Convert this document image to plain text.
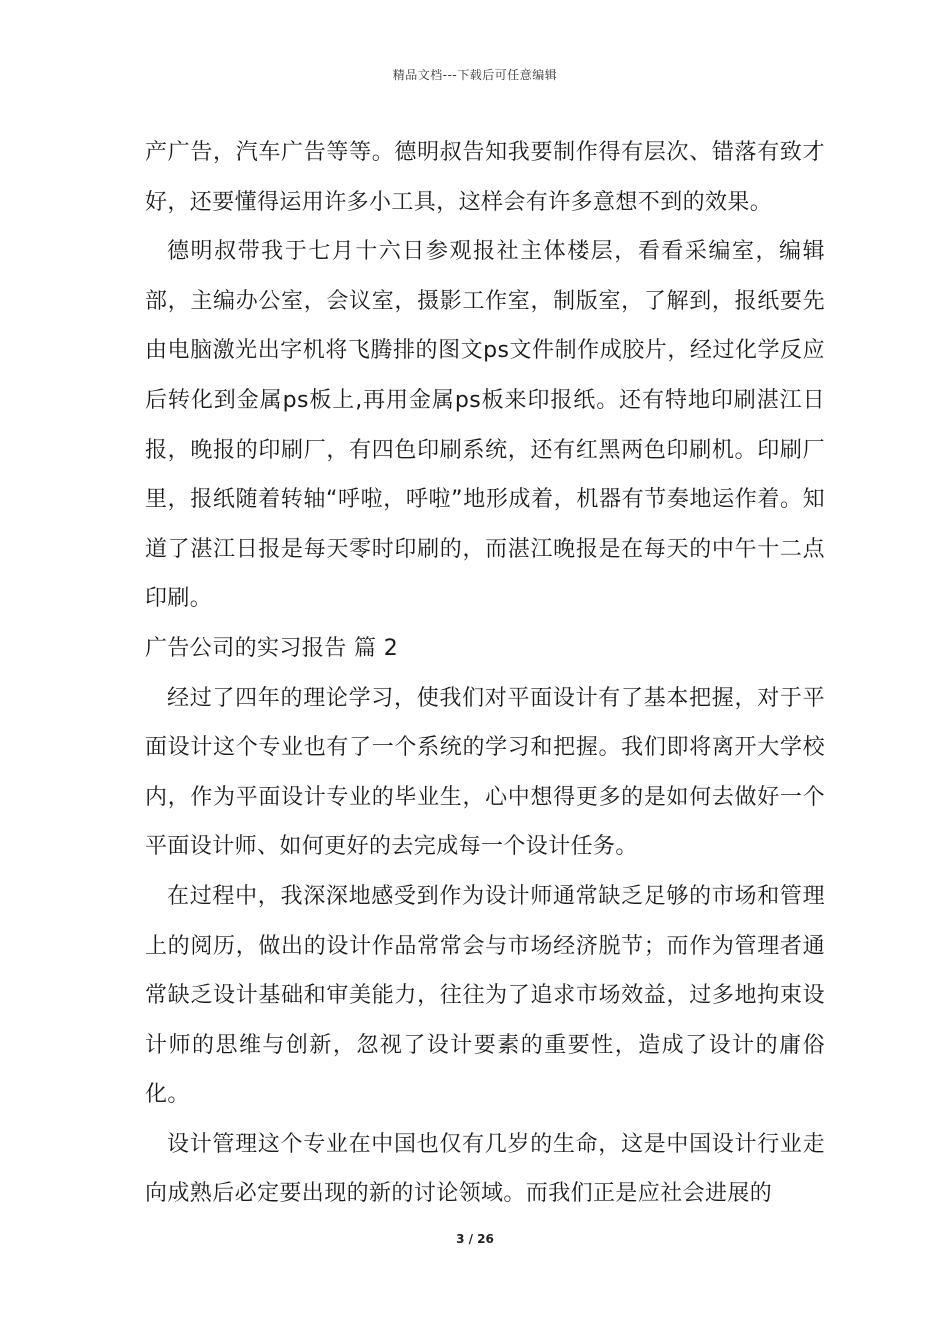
精品文档---下载后可任意编辑

产广告，汽车广告等等。德明叔告知我要制作得有层次、错落有致才好，还要懂得运用许多小工具，这样会有许多意想不到的效果。

德明叔带我于七月十六日参观报社主体楼层，看看采编室，编辑部，主编办公室，会议室，摄影工作室，制版室，了解到，报纸要先由电脑激光出字机将飞腾排的图文ps文件制作成胶片，经过化学反应后转化到金属ps板上,再用金属ps板来印报纸。还有特地印刷湛江日报，晚报的印刷厂，有四色印刷系统，还有红黑两色印刷机。印刷厂里，报纸随着转轴“呼啦，呼啦”地形成着，机器有节奏地运作着。知道了湛江日报是每天零时印刷的，而湛江晚报是在每天的中午十二点印刷。

广告公司的实习报告 篇 2

经过了四年的理论学习，使我们对平面设计有了基本把握，对于平面设计这个专业也有了一个系统的学习和把握。我们即将离开大学校内，作为平面设计专业的毕业生，心中想得更多的是如何去做好一个平面设计师、如何更好的去完成每一个设计任务。

在过程中，我深深地感受到作为设计师通常缺乏足够的市场和管理上的阅历，做出的设计作品常常会与市场经济脱节；而作为管理者通常缺乏设计基础和审美能力，往往为了追求市场效益，过多地拘束设计师的思维与创新，忽视了设计要素的重要性，造成了设计的庸俗化。

设计管理这个专业在中国也仅有几岁的生命，这是中国设计行业走向成熟后必定要出现的新的讨论领域。而我们正是应社会进展的

3 / 26
